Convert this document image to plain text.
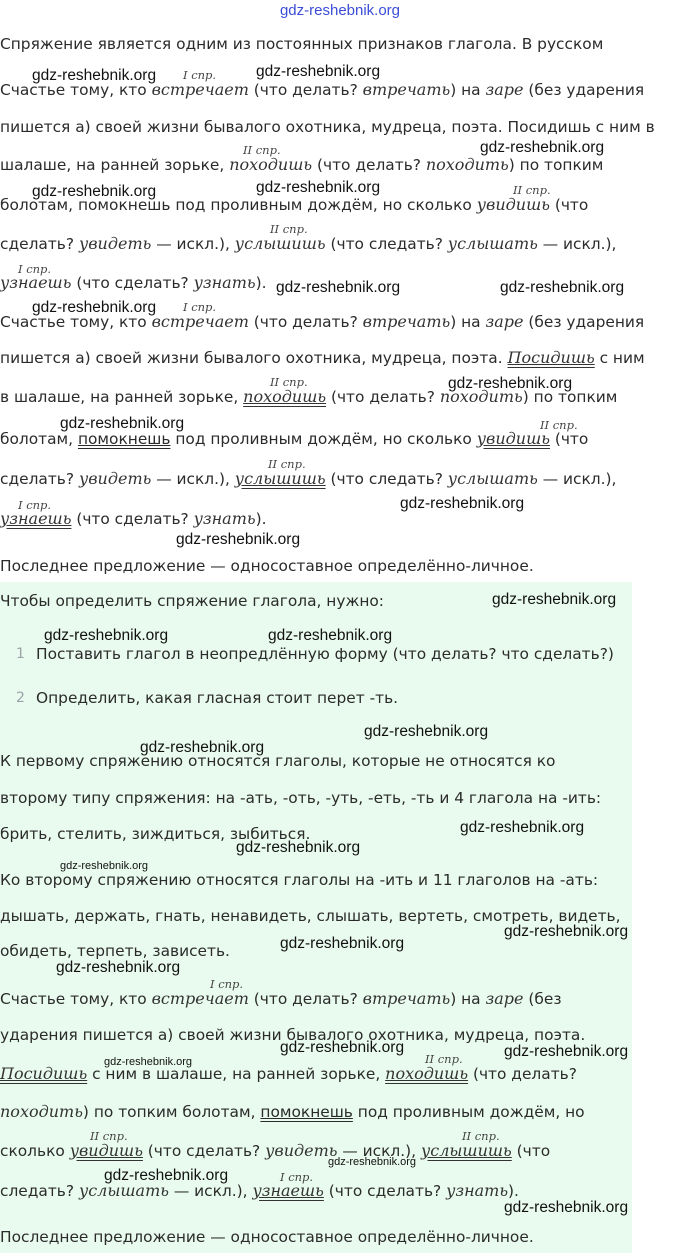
gdz-reshebnik.org
Спряжение является одним из постоянных признаков глагола. В русском
I спр.
Счастье тому, кто встречает (что делать? втречать) на заре (без ударения
пишется а) своей жизни бывалого охотника, мудреца, поэта. Посидишь с ним в
II спр.
шалаше, на ранней зорьке, походишь (что делать? походить) по топким
II спр.
болотам, помокнешь под проливным дождём, но сколько увидишь (что
II спр.
сделать? увидеть — искл.), услышишь (что следать? услышать — искл.),
I спр.
узнаешь (что сделать? узнать).
I спр.
Счастье тому, кто встречает (что делать? втречать) на заре (без ударения
пишется а) своей жизни бывалого охотника, мудреца, поэта. Посидишь с ним
II спр.
в шалаше, на ранней зорьке, походишь (что делать? походить) по топким
II спр.
болотам, помокнешь под проливным дождём, но сколько увидишь (что
II спр.
сделать? увидеть — искл.), услышишь (что следать? услышать — искл.),
I спр.
узнаешь (что сделать? узнать).
Последнее предложение — односоставное определённо-личное.
Чтобы определить спряжение глагола, нужно:
1 Поставить глагол в неопредлённую форму (что делать? что сделать?)
2 Определить, какая гласная стоит перет -ть.
К первому спряжению относятся глаголы, которые не относятся ко
второму типу спряжения: на -ать, -оть, -уть, -еть, -ть и 4 глагола на -ить:
брить, стелить, зиждиться, зыбиться.
Ко второму спряжению относятся глаголы на -ить и 11 глаголов на -ать:
дышать, держать, гнать, ненавидеть, слышать, вертеть, смотреть, видеть,
обидеть, терпеть, зависеть.
I спр.
Счастье тому, кто встречает (что делать? втречать) на заре (без
ударения пишется а) своей жизни бывалого охотника, мудреца, поэта.
II спр.
Посидишь с ним в шалаше, на ранней зорьке, походишь (что делать?
походить) по топким болотам, помокнешь под проливным дождём, но
II спр.	II спр.
сколько увидишь (что сделать? увидеть — искл.), услышишь (что
I спр.
следать? услышать — искл.), узнаешь (что сделать? узнать).
Последнее предложение — односоставное определённо-личное.
gdz-reshebnik.org	gdz-reshebnik.org
gdz-reshebnik.org
gdz-reshebnik.org	gdz-reshebnik.org
gdz-reshebnik.org	gdz-reshebnik.org
gdz-reshebnik.org
gdz-reshebnik.org
gdz-reshebnik.org
gdz-reshebnik.org
gdz-reshebnik.org
gdz-reshebnik.org
gdz-reshebnik.org	gdz-reshebnik.org
gdz-reshebnik.org
gdz-reshebnik.org
gdz-reshebnik.org
gdz-reshebnik.org
gdz-reshebnik.org
gdz-reshebnik.org
gdz-reshebnik.org
gdz-reshebnik.org
gdz-reshebnik.org	gdz-reshebnik.org
gdz-reshebnik.org
gdz-reshebnik.org
gdz-reshebnik.org
gdz-reshebnik.org
